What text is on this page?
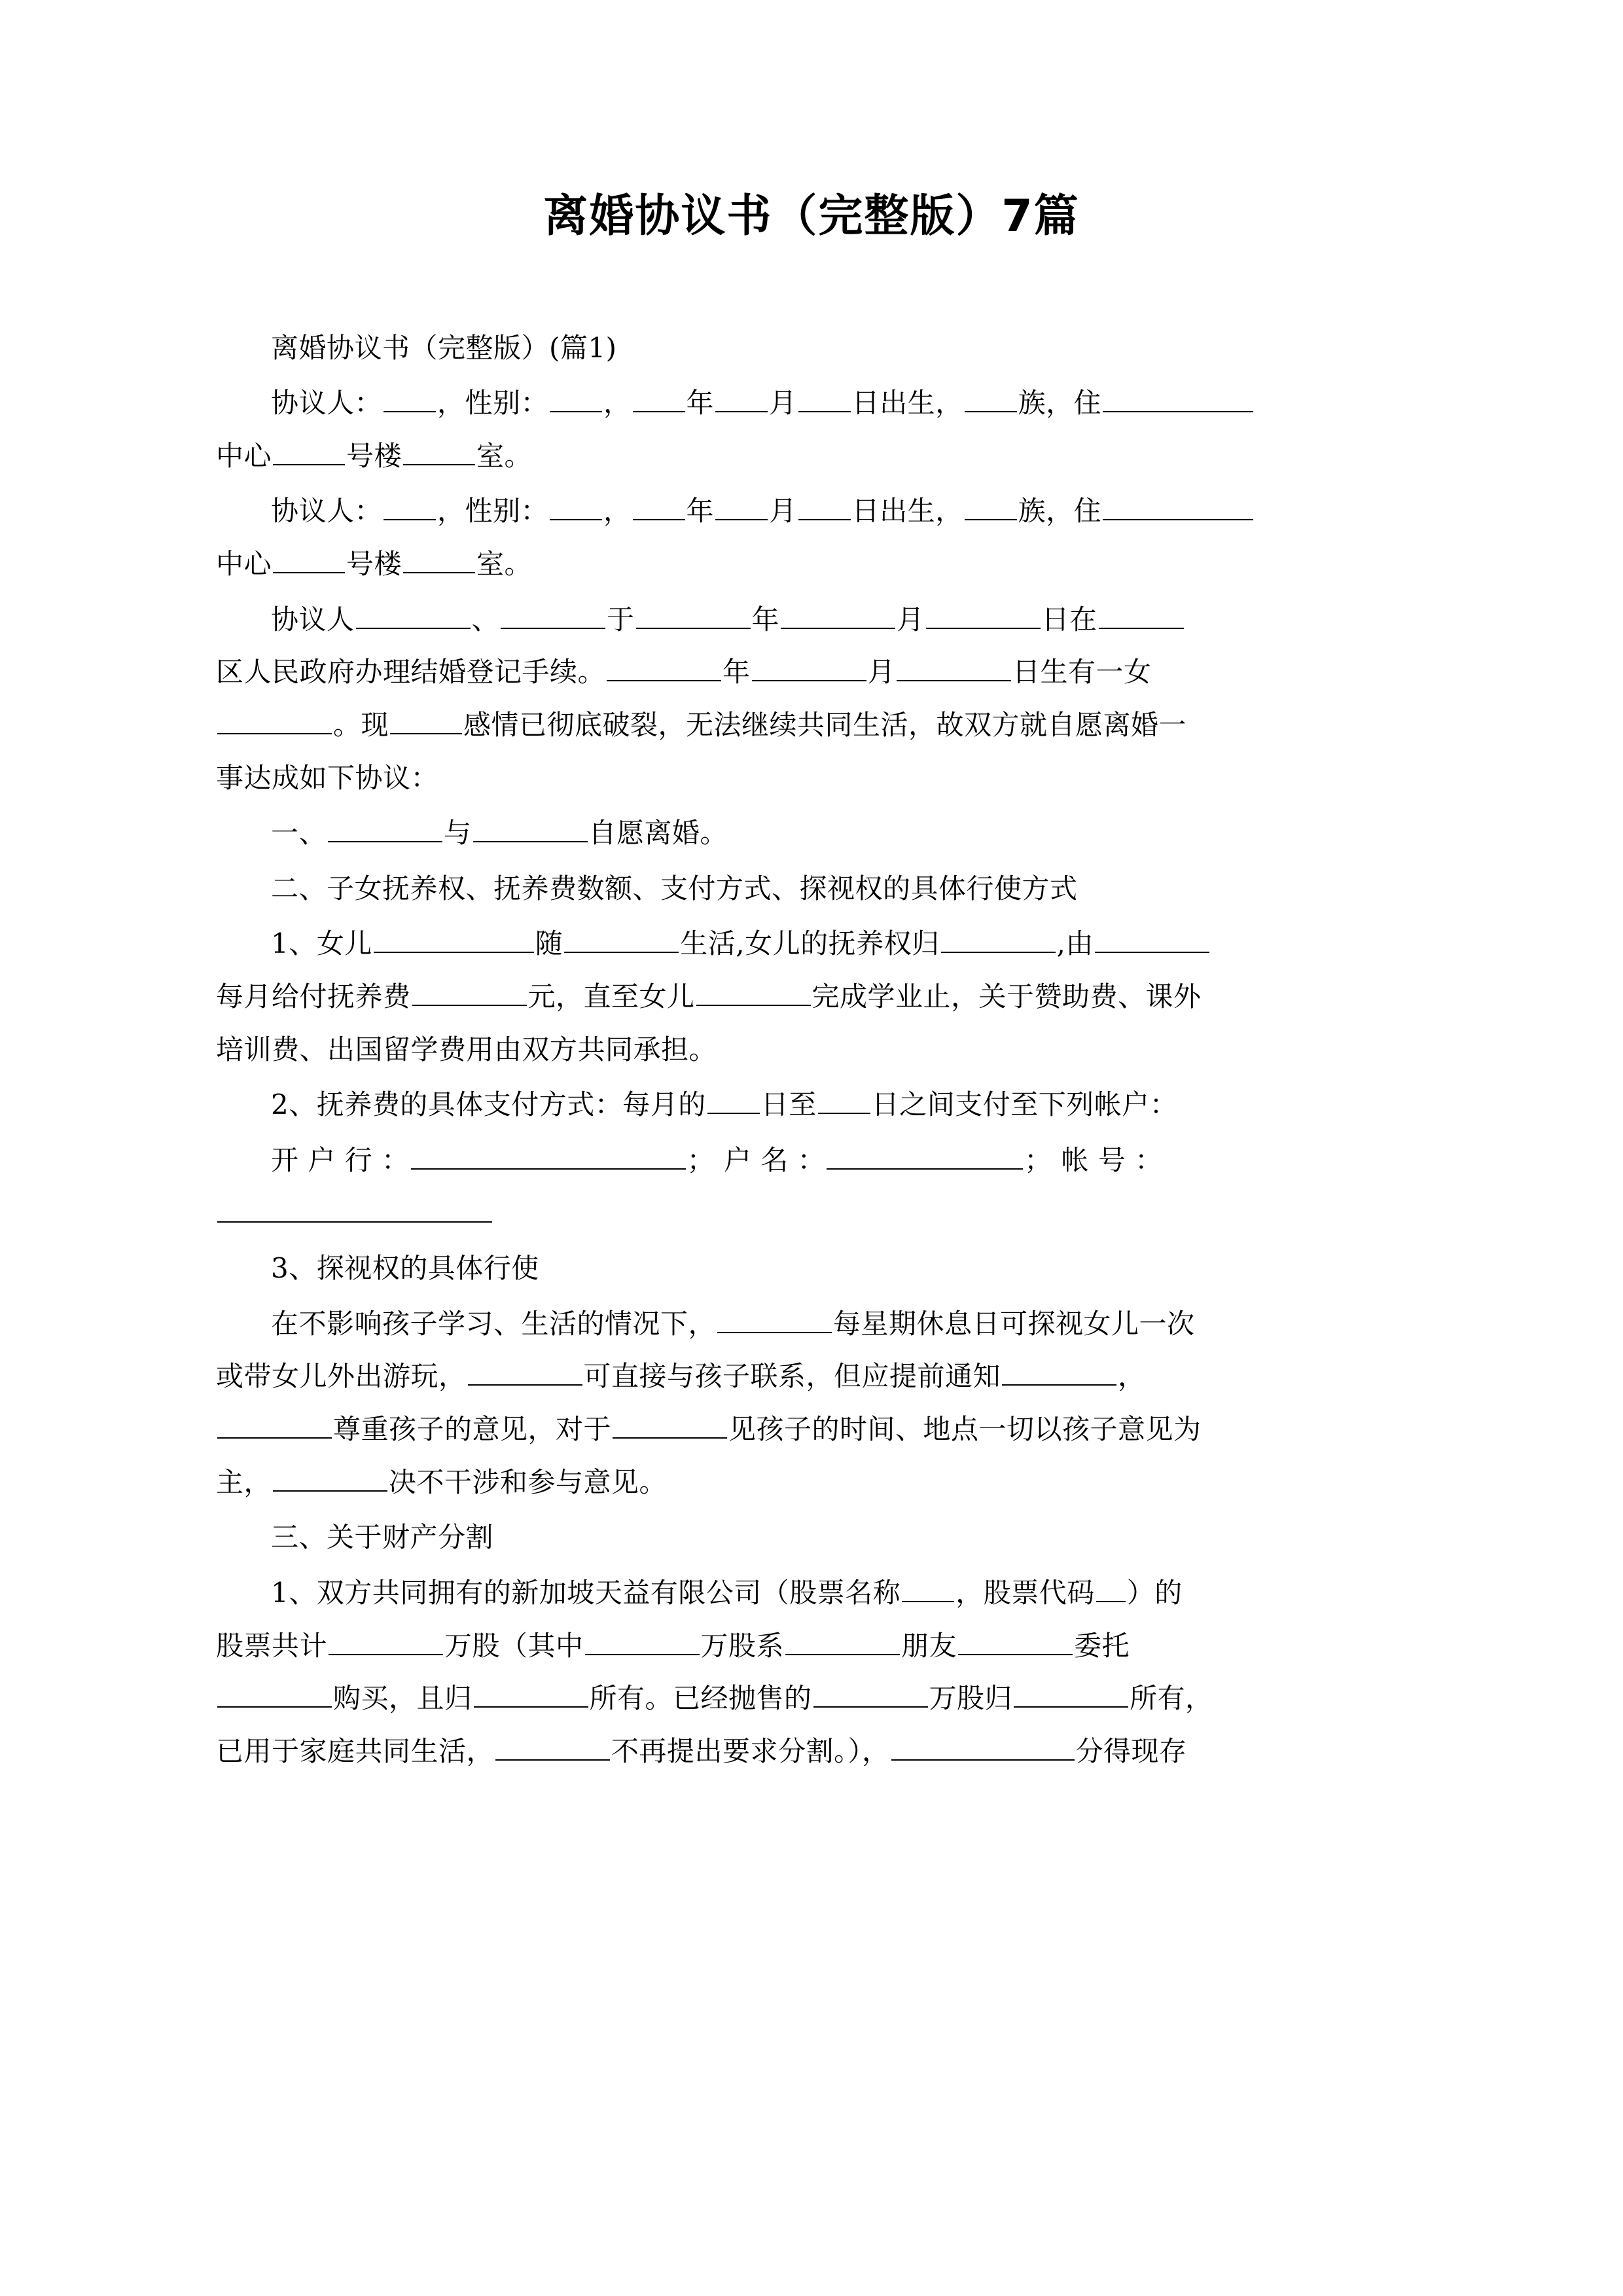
离婚协议书（完整版）7篇

离婚协议书（完整版）(篇1)

协议人： ，性别： ， 年 月 日出生， 族，住
中心	号楼	室。

协议人： ，性别： ， 年 月 日出生， 族，住
中心	号楼	室。

协议人	、	于	年	月	日在
区人民政府办理结婚登记手续。	年	月	日生有一女
。现	感情已彻底破裂，无法继续共同生活，故双方就自愿离婚一
事达成如下协议：

一、	与	自愿离婚。

二、子女抚养权、抚养费数额、支付方式、探视权的具体行使方式

1、女儿	随	生活,女儿的抚养权归	,由
每月给付抚养费	元，直至女儿	完成学业止，关于赞助费、课外
培训费、出国留学费用由双方共同承担。

2、抚养费的具体支付方式：每月的 日至 日之间支付至下列帐户：

开 户 行 ：	； 户 名 ：	； 帐 号 ：

3、探视权的具体行使

在不影响孩子学习、生活的情况下，	每星期休息日可探视女儿一次
或带女儿外出游玩，	可直接与孩子联系，但应提前通知	，
尊重孩子的意见，对于	见孩子的时间、地点一切以孩子意见为
主，	决不干涉和参与意见。

三、关于财产分割

1、双方共同拥有的新加坡天益有限公司（股票名称 ，股票代码 ）的
股票共计	万股（其中	万股系	朋友	委托
购买，且归	所有。已经抛售的	万股归	所有，
已用于家庭共同生活，	不再提出要求分割。），	分得现存
